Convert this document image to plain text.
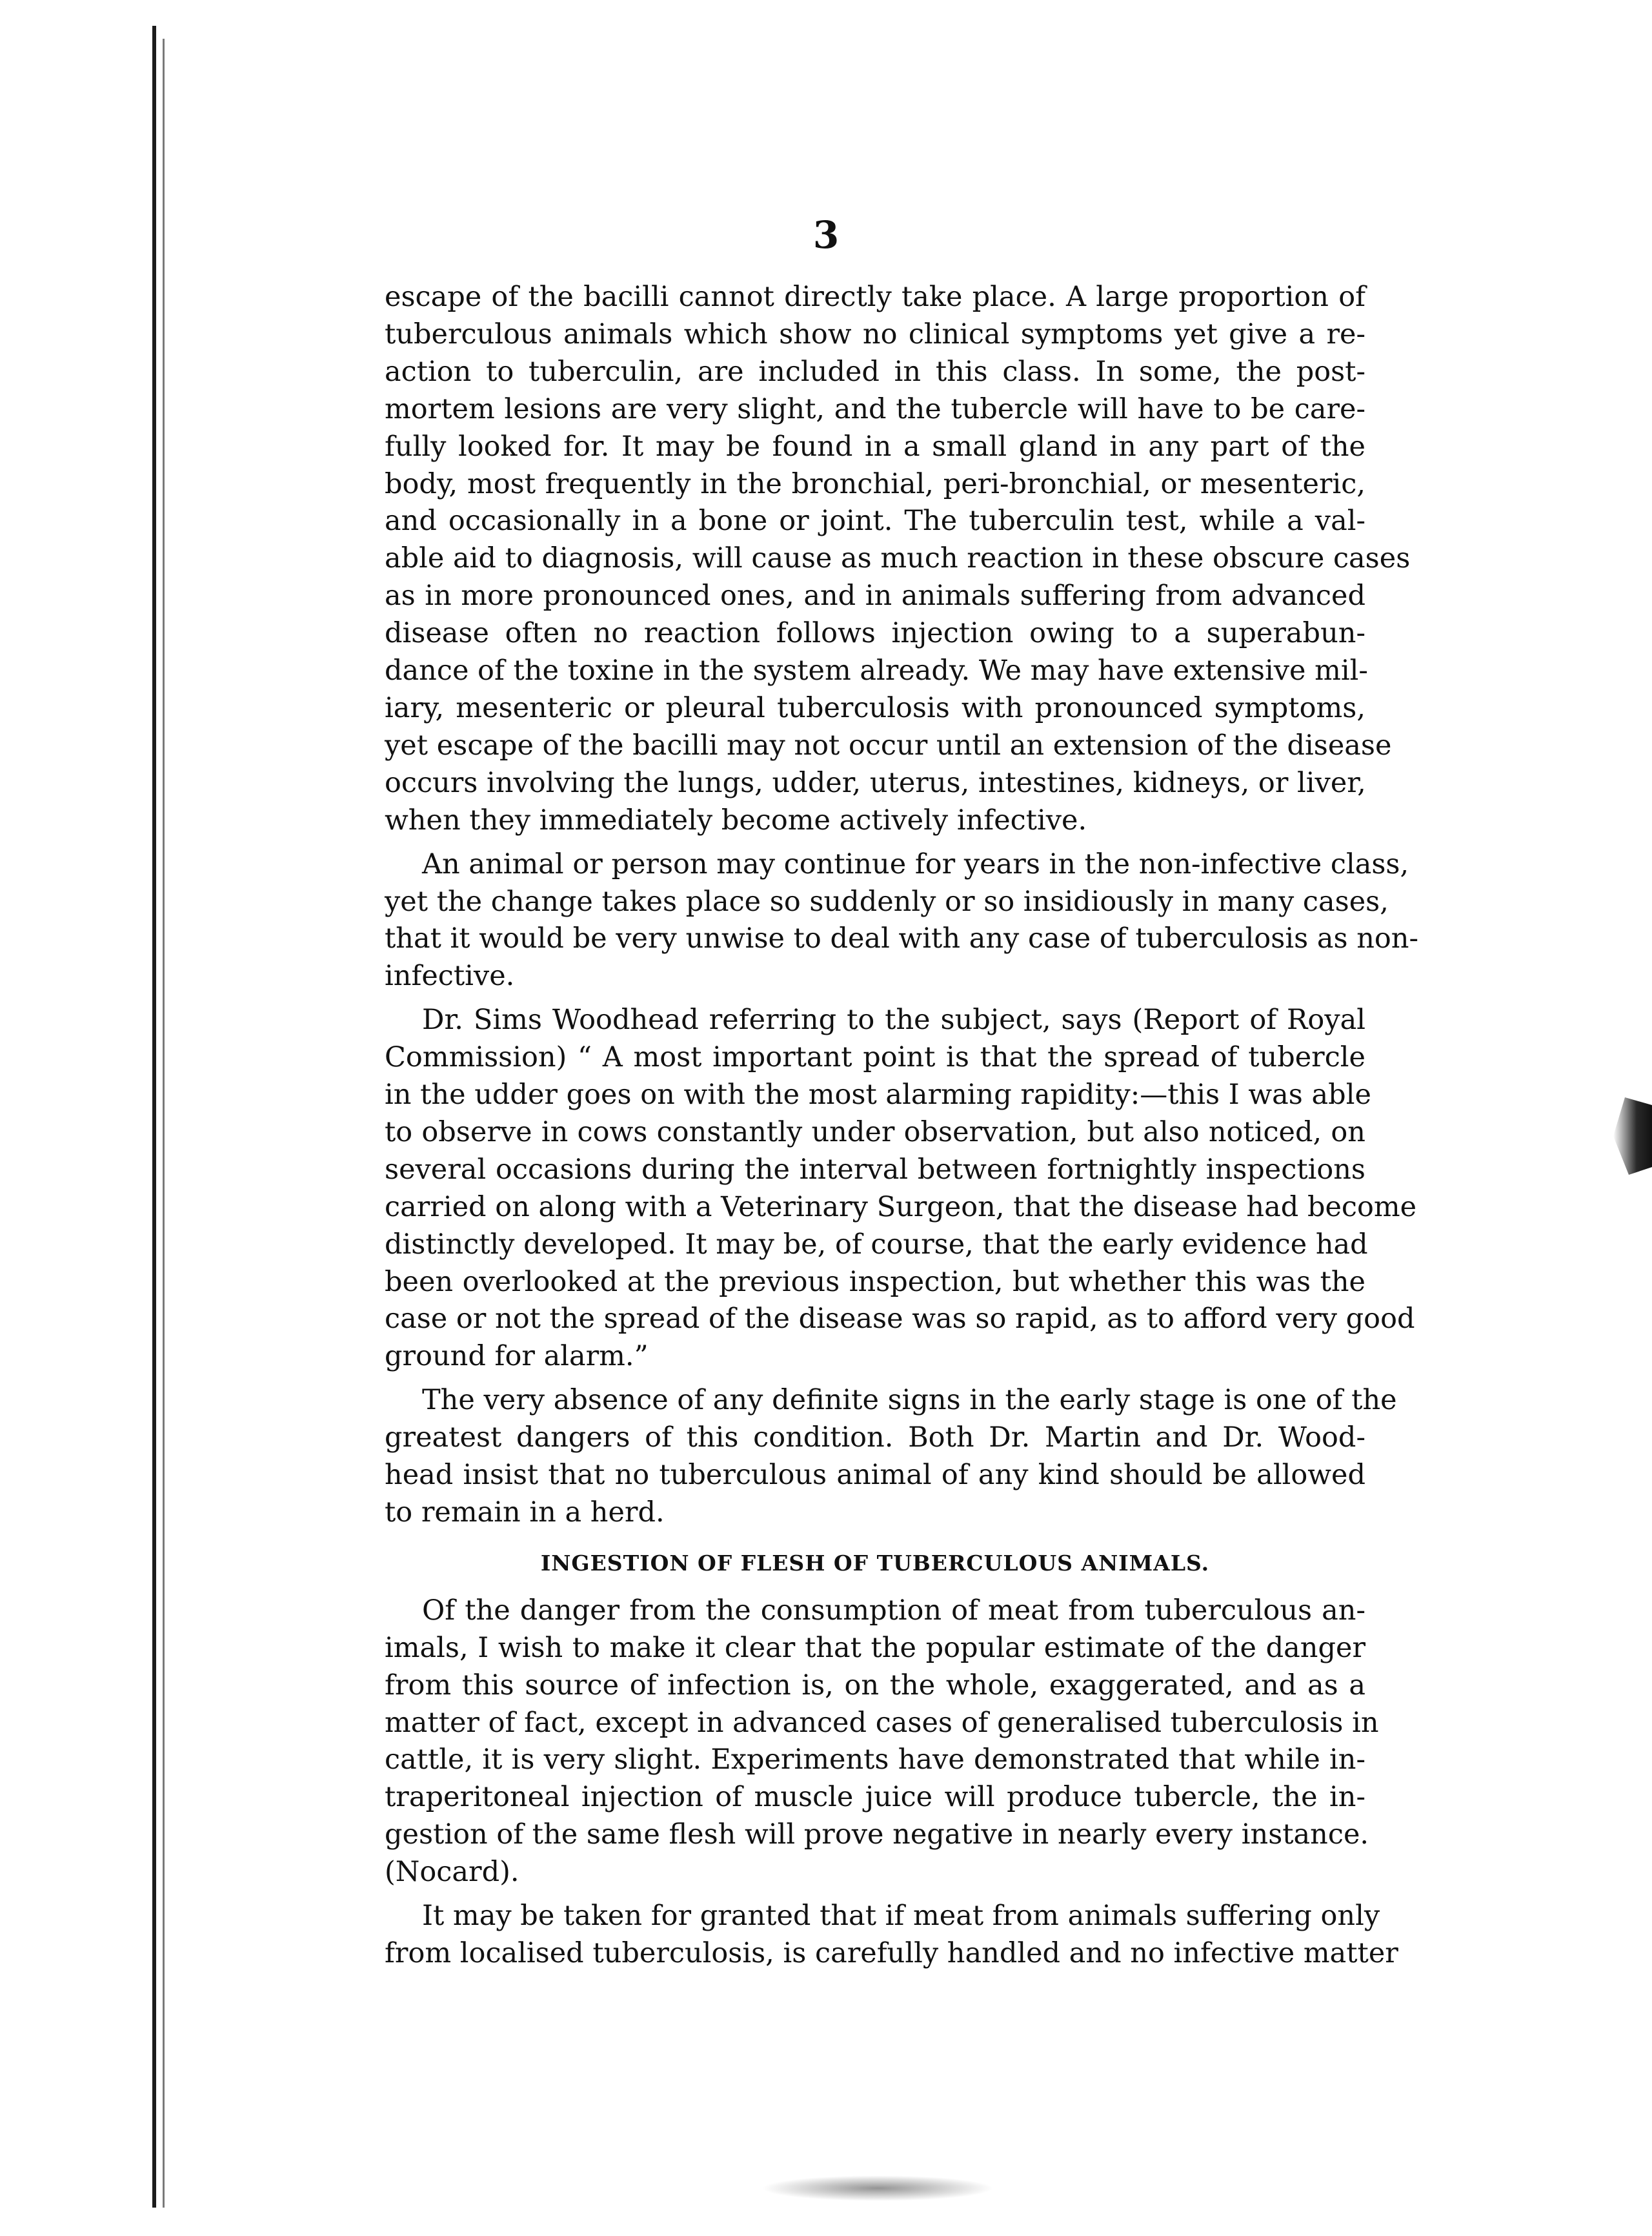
3
escape of the bacilli cannot directly take place. A large proportion of
tuberculous animals which show no clinical symptoms yet give a re-
action to tuberculin, are included in this class. In some, the post-
mortem lesions are very slight, and the tubercle will have to be care-
fully looked for. It may be found in a small gland in any part of the
body, most frequently in the bronchial, peri-bronchial, or mesenteric,
and occasionally in a bone or joint. The tuberculin test, while a val-
able aid to diagnosis, will cause as much reaction in these obscure cases
as in more pronounced ones, and in animals suffering from advanced
disease often no reaction follows injection owing to a superabun-
dance of the toxine in the system already. We may have extensive mil-
iary, mesenteric or pleural tuberculosis with pronounced symptoms,
yet escape of the bacilli may not occur until an extension of the disease
occurs involving the lungs, udder, uterus, intestines, kidneys, or liver,
when they immediately become actively infective.
An animal or person may continue for years in the non-infective class,
yet the change takes place so suddenly or so insidiously in many cases,
that it would be very unwise to deal with any case of tuberculosis as non-
infective.
Dr. Sims Woodhead referring to the subject, says (Report of Royal
Commission) “ A most important point is that the spread of tubercle
in the udder goes on with the most alarming rapidity:—this I was able
to observe in cows constantly under observation, but also noticed, on
several occasions during the interval between fortnightly inspections
carried on along with a Veterinary Surgeon, that the disease had become
distinctly developed. It may be, of course, that the early evidence had
been overlooked at the previous inspection, but whether this was the
case or not the spread of the disease was so rapid, as to afford very good
ground for alarm.”
The very absence of any definite signs in the early stage is one of the
greatest dangers of this condition. Both Dr. Martin and Dr. Wood-
head insist that no tuberculous animal of any kind should be allowed
to remain in a herd.
INGESTION OF FLESH OF TUBERCULOUS ANIMALS.
Of the danger from the consumption of meat from tuberculous an-
imals, I wish to make it clear that the popular estimate of the danger
from this source of infection is, on the whole, exaggerated, and as a
matter of fact, except in advanced cases of generalised tuberculosis in
cattle, it is very slight. Experiments have demonstrated that while in-
traperitoneal injection of muscle juice will produce tubercle, the in-
gestion of the same flesh will prove negative in nearly every instance.
(Nocard).
It may be taken for granted that if meat from animals suffering only
from localised tuberculosis, is carefully handled and no infective matter
